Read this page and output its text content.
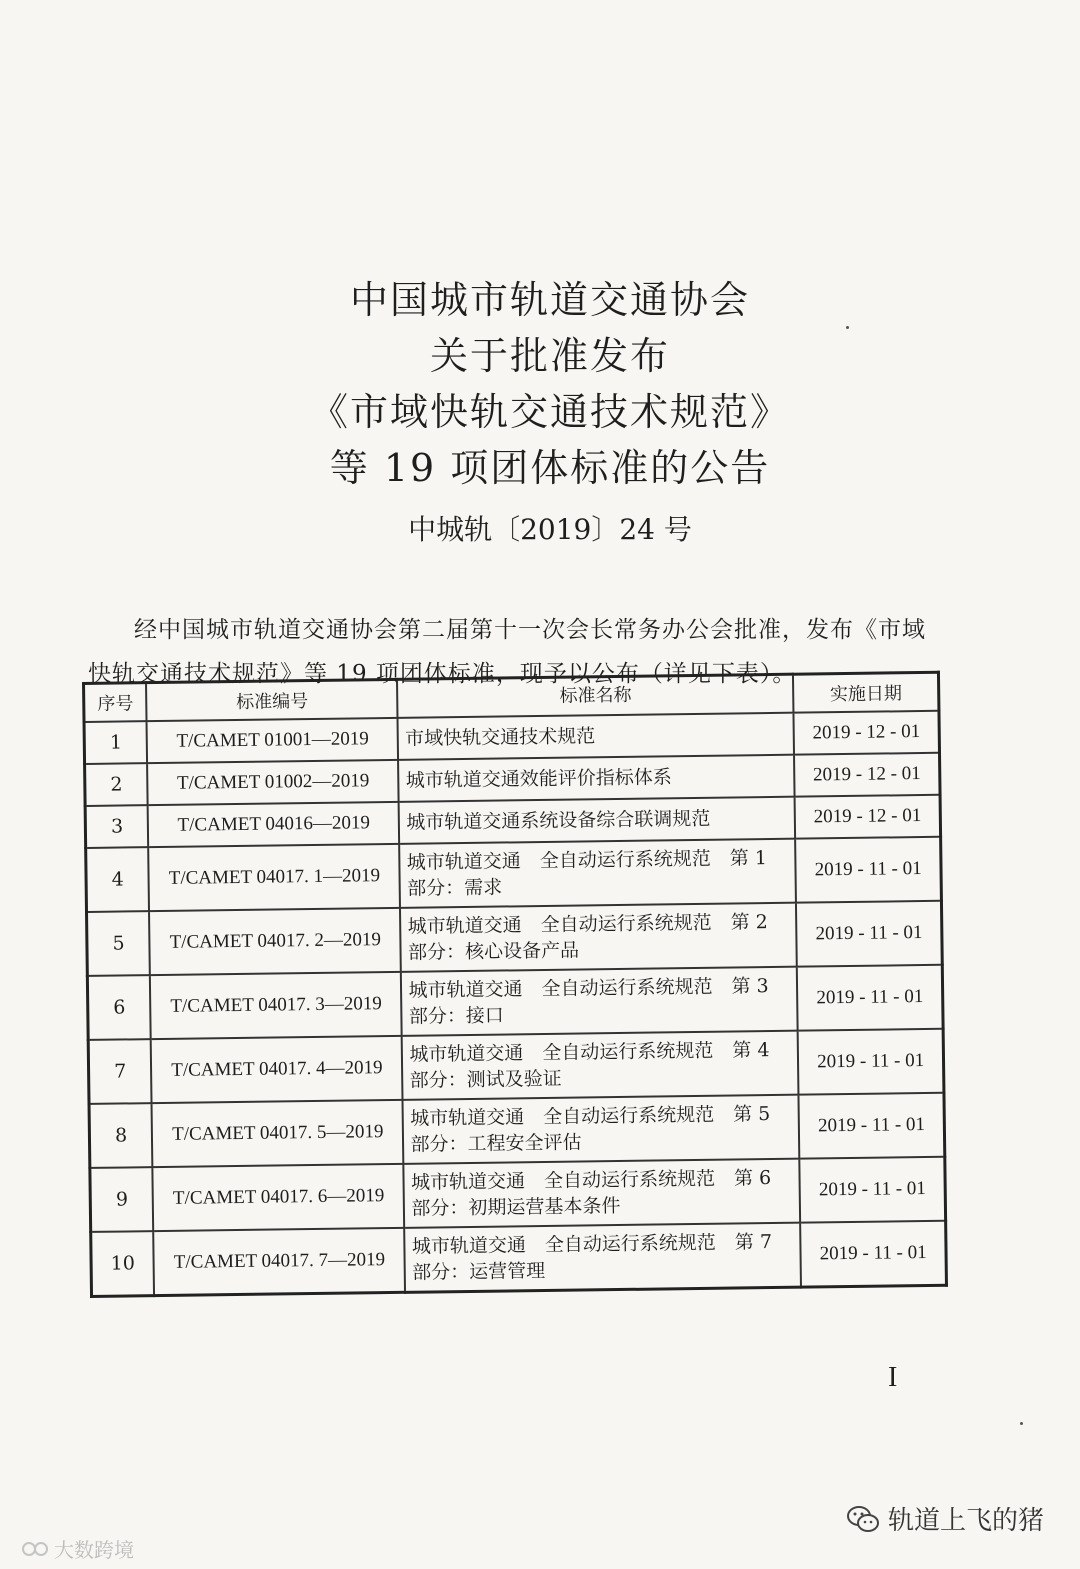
中国城市轨道交通协会
关于批准发布
《市域快轨交通技术规范》
等 19 项团体标准的公告
中城轨〔2019〕24 号

经中国城市轨道交通协会第二届第十一次会长常务办公会批准，发布《市域快轨交通技术规范》等 19 项团体标准，现予以公布（详见下表）。

序号	标准编号	标准名称	实施日期
1	T/CAMET 01001—2019	市域快轨交通技术规范	2019 - 12 - 01
2	T/CAMET 01002—2019	城市轨道交通效能评价指标体系	2019 - 12 - 01
3	T/CAMET 04016—2019	城市轨道交通系统设备综合联调规范	2019 - 12 - 01
4	T/CAMET 04017. 1—2019	城市轨道交通　全自动运行系统规范　第 1 部分：需求	2019 - 11 - 01
5	T/CAMET 04017. 2—2019	城市轨道交通　全自动运行系统规范　第 2 部分：核心设备产品	2019 - 11 - 01
6	T/CAMET 04017. 3—2019	城市轨道交通　全自动运行系统规范　第 3 部分：接口	2019 - 11 - 01
7	T/CAMET 04017. 4—2019	城市轨道交通　全自动运行系统规范　第 4 部分：测试及验证	2019 - 11 - 01
8	T/CAMET 04017. 5—2019	城市轨道交通　全自动运行系统规范　第 5 部分：工程安全评估	2019 - 11 - 01
9	T/CAMET 04017. 6—2019	城市轨道交通　全自动运行系统规范　第 6 部分：初期运营基本条件	2019 - 11 - 01
10	T/CAMET 04017. 7—2019	城市轨道交通　全自动运行系统规范　第 7 部分：运营管理	2019 - 11 - 01
I
轨道上飞的猪
大数跨境
